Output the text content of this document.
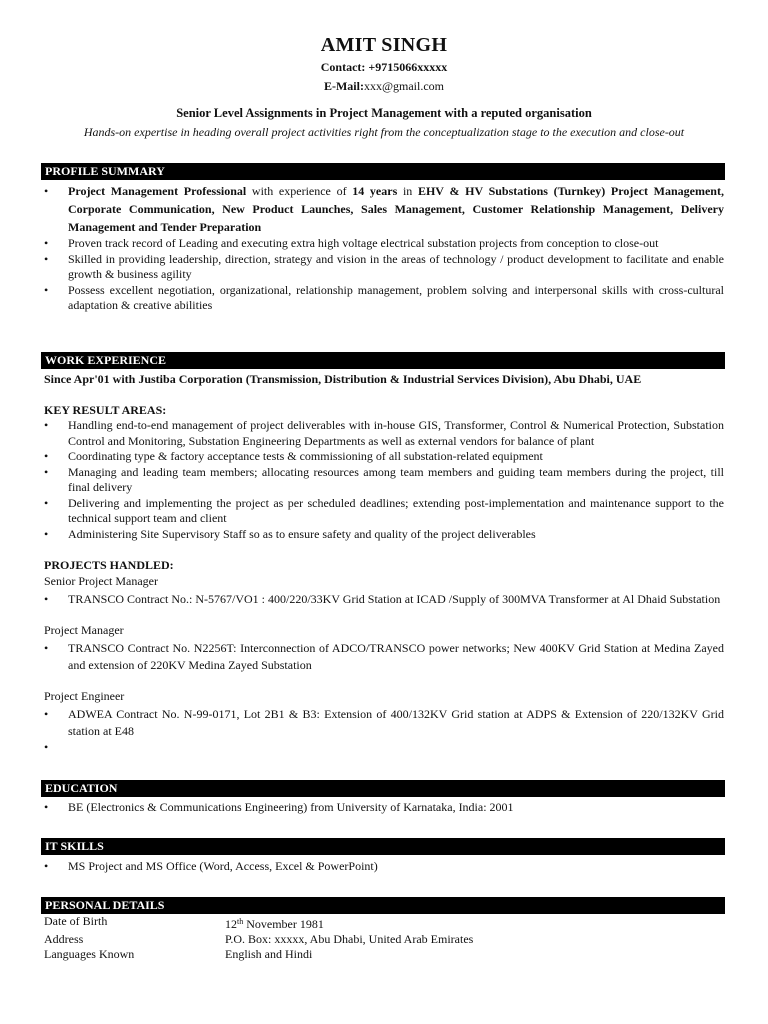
AMIT SINGH
Contact: +9715066xxxxx
E-Mail:xxx@gmail.com
Senior Level Assignments in Project Management with a reputed organisation
Hands-on expertise in heading overall project activities right from the conceptualization stage to the execution and close-out
PROFILE SUMMARY
• Project Management Professional with experience of 14 years in EHV & HV Substations (Turnkey) Project Management, Corporate Communication, New Product Launches, Sales Management, Customer Relationship Management, Delivery Management and Tender Preparation
• Proven track record of Leading and executing extra high voltage electrical substation projects from conception to close-out
• Skilled in providing leadership, direction, strategy and vision in the areas of technology / product development to facilitate and enable growth & business agility
• Possess excellent negotiation, organizational, relationship management, problem solving and interpersonal skills with cross-cultural adaptation & creative abilities
WORK EXPERIENCE
Since Apr'01 with Justiba Corporation (Transmission, Distribution & Industrial Services Division), Abu Dhabi, UAE
KEY RESULT AREAS:
• Handling end-to-end management of project deliverables with in-house GIS, Transformer, Control & Numerical Protection, Substation Control and Monitoring, Substation Engineering Departments as well as external vendors for balance of plant
• Coordinating type & factory acceptance tests & commissioning of all substation-related equipment
• Managing and leading team members; allocating resources among team members and guiding team members during the project, till final delivery
• Delivering and implementing the project as per scheduled deadlines; extending post-implementation and maintenance support to the technical support team and client
• Administering Site Supervisory Staff so as to ensure safety and quality of the project deliverables
PROJECTS HANDLED:
Senior Project Manager
• TRANSCO Contract No.: N-5767/VO1 : 400/220/33KV Grid Station at ICAD /Supply of 300MVA Transformer at Al Dhaid Substation
Project Manager
• TRANSCO Contract No. N2256T: Interconnection of ADCO/TRANSCO power networks; New 400KV Grid Station at Medina Zayed and extension of 220KV Medina Zayed Substation
Project Engineer
• ADWEA Contract No. N-99-0171, Lot 2B1 & B3: Extension of 400/132KV Grid station at ADPS & Extension of 220/132KV Grid station at E48
•
EDUCATION
• BE (Electronics & Communications Engineering) from University of Karnataka, India: 2001
IT SKILLS
• MS Project and MS Office (Word, Access, Excel & PowerPoint)
PERSONAL DETAILS
Date of Birth	12th November 1981
Address	P.O. Box: xxxxx, Abu Dhabi, United Arab Emirates
Languages Known	English and Hindi
